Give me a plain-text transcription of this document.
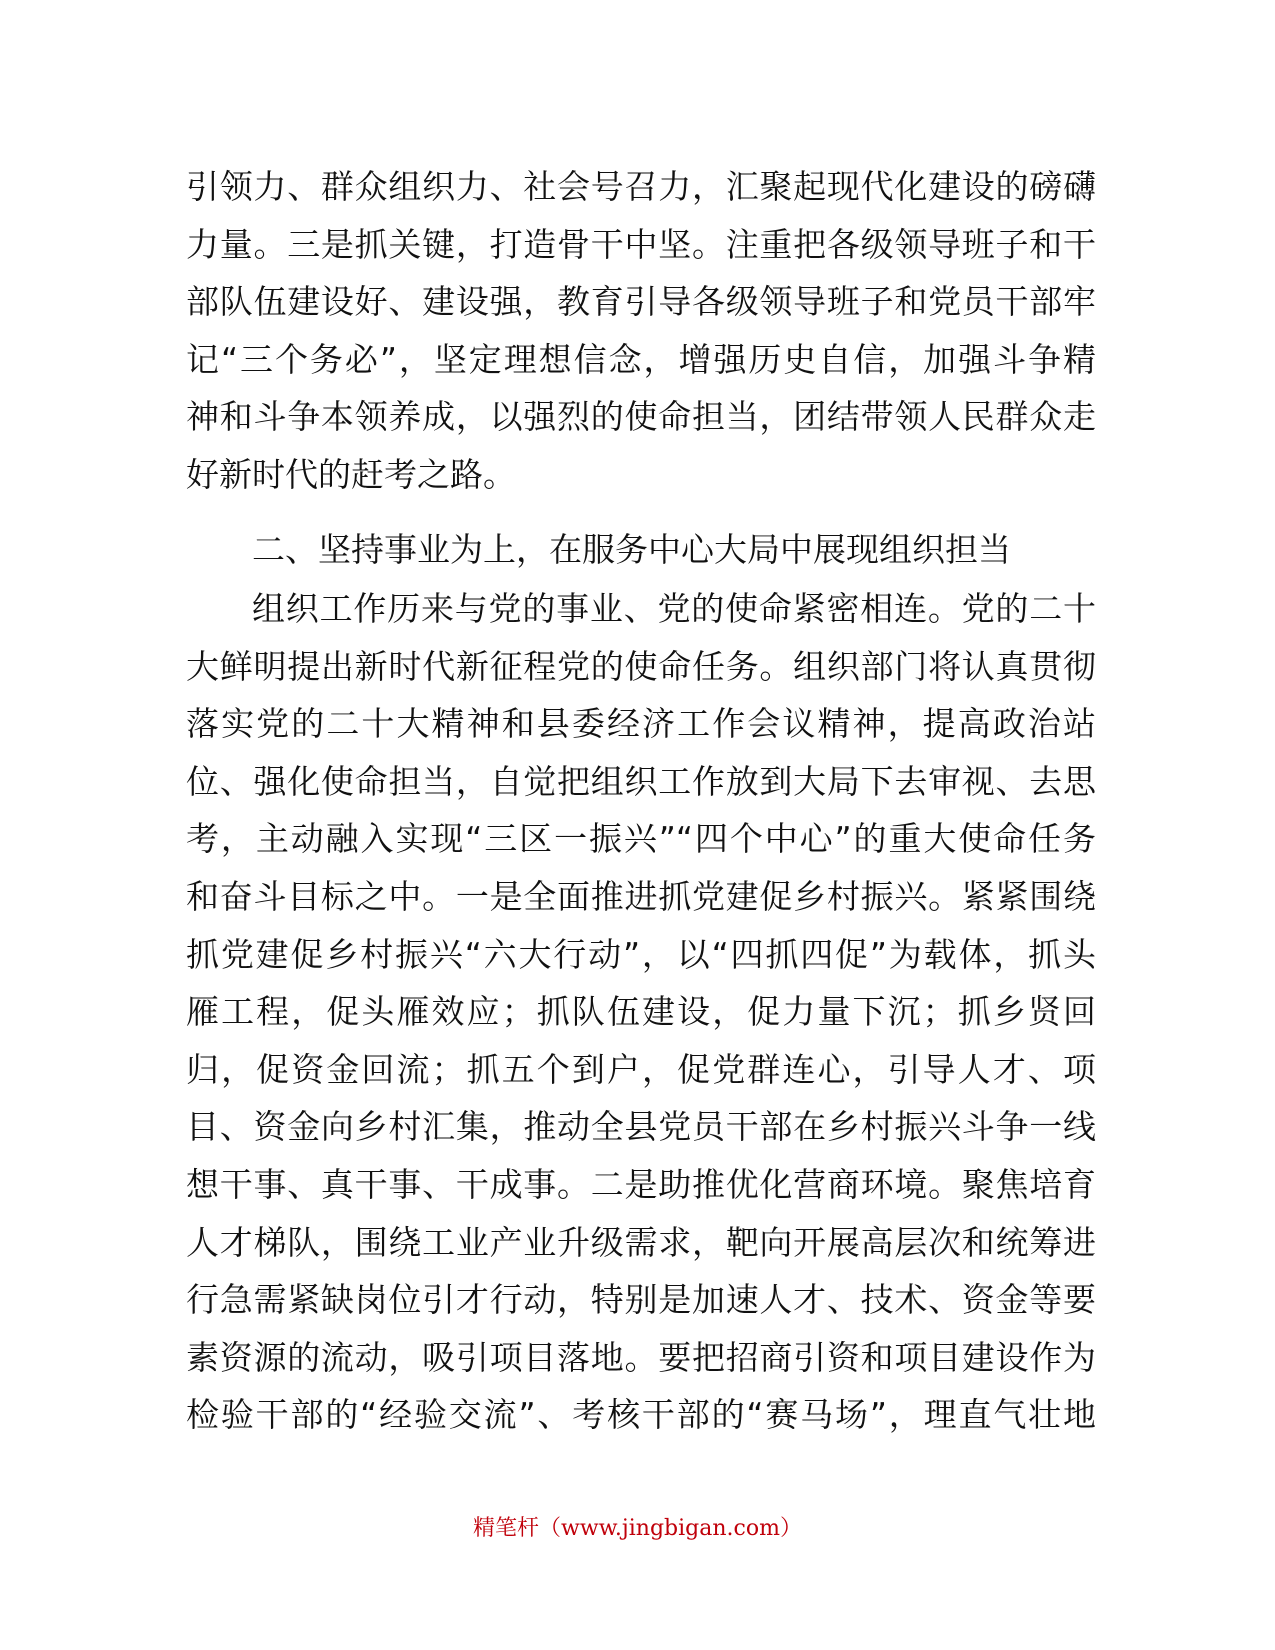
引领力、群众组织力、社会号召力，汇聚起现代化建设的磅礴
力量。三是抓关键，打造骨干中坚。注重把各级领导班子和干
部队伍建设好、建设强，教育引导各级领导班子和党员干部牢
记“三个务必”，坚定理想信念，增强历史自信，加强斗争精
神和斗争本领养成，以强烈的使命担当，团结带领人民群众走
好新时代的赶考之路。
二、坚持事业为上，在服务中心大局中展现组织担当
组织工作历来与党的事业、党的使命紧密相连。党的二十
大鲜明提出新时代新征程党的使命任务。组织部门将认真贯彻
落实党的二十大精神和县委经济工作会议精神，提高政治站
位、强化使命担当，自觉把组织工作放到大局下去审视、去思
考，主动融入实现“三区一振兴”“四个中心”的重大使命任务
和奋斗目标之中。一是全面推进抓党建促乡村振兴。紧紧围绕
抓党建促乡村振兴“六大行动”，以“四抓四促”为载体，抓头
雁工程，促头雁效应；抓队伍建设，促力量下沉；抓乡贤回
归，促资金回流；抓五个到户，促党群连心，引导人才、项
目、资金向乡村汇集，推动全县党员干部在乡村振兴斗争一线
想干事、真干事、干成事。二是助推优化营商环境。聚焦培育
人才梯队，围绕工业产业升级需求，靶向开展高层次和统筹进
行急需紧缺岗位引才行动，特别是加速人才、技术、资金等要
素资源的流动，吸引项目落地。要把招商引资和项目建设作为
检验干部的“经验交流”、考核干部的“赛马场”，理直气壮地
精笔杆（www.jingbigan.com）
